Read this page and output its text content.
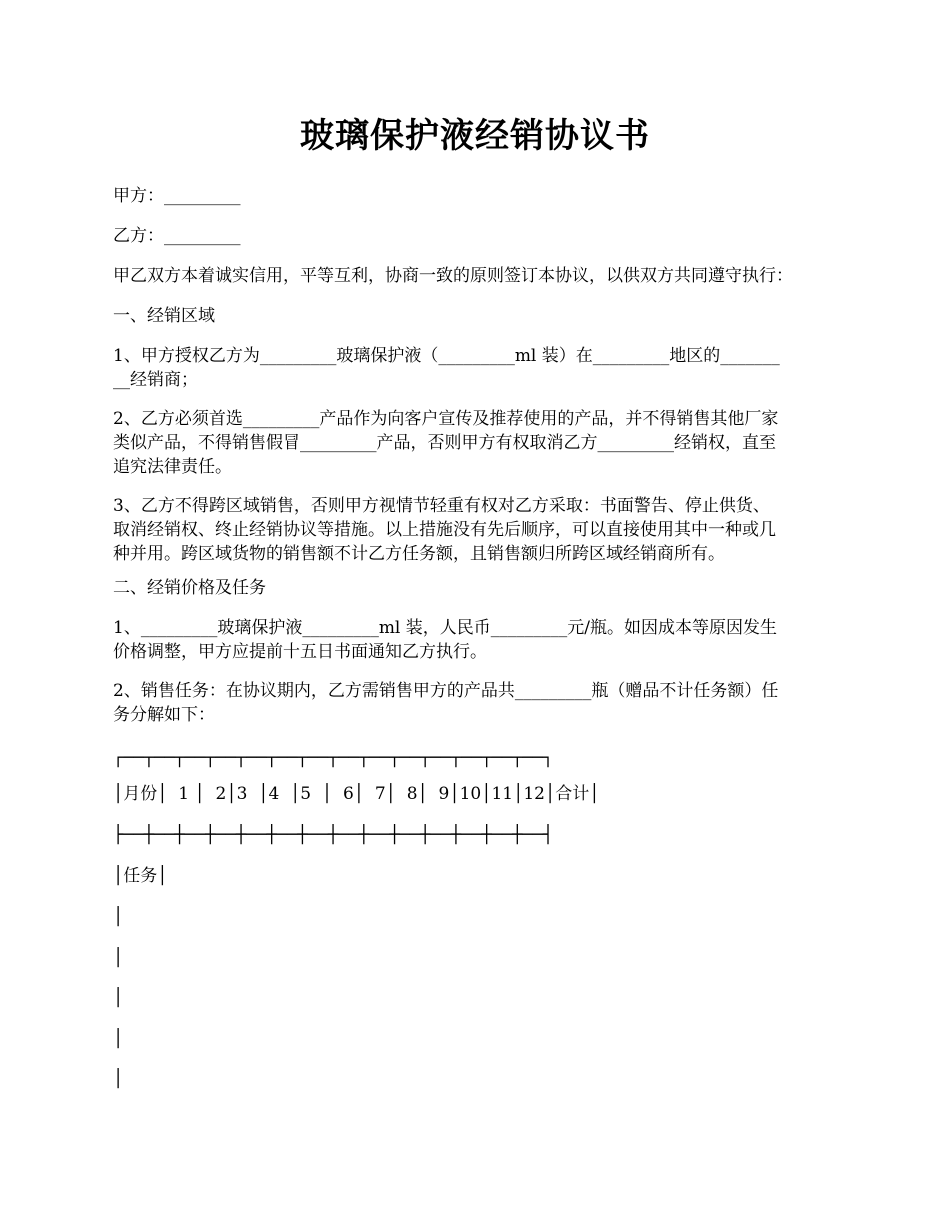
玻璃保护液经销协议书
甲方：_________
乙方：_________
甲乙双方本着诚实信用，平等互利，协商一致的原则签订本协议，以供双方共同遵守执行：
一、经销区域
1、甲方授权乙方为_________玻璃保护液（_________ml 装）在_________地区的_______
__经销商；
2、乙方必须首选_________产品作为向客户宣传及推荐使用的产品，并不得销售其他厂家
类似产品，不得销售假冒_________产品，否则甲方有权取消乙方_________经销权，直至
追究法律责任。
3、乙方不得跨区域销售，否则甲方视情节轻重有权对乙方采取：书面警告、停止供货、
取消经销权、终止经销协议等措施。以上措施没有先后顺序，可以直接使用其中一种或几
种并用。跨区域货物的销售额不计乙方任务额，且销售额归所跨区域经销商所有。
二、经销价格及任务
1、_________玻璃保护液_________ml 装，人民币_________元/瓶。如因成本等原因发生
价格调整，甲方应提前十五日书面通知乙方执行。
2、销售任务：在协议期内，乙方需销售甲方的产品共_________瓶（赠品不计任务额）任
务分解如下：
┌──┬──┬──┬──┬──┬──┬──┬──┬──┬──┬──┬──┬──┬──┐
│月份│  1 │  2│3  │4  │5  │  6│  7│  8│  9│10│11│12│合计│
├──┼──┼──┼──┼──┼──┼──┼──┼──┼──┼──┼──┼──┼──┤
│任务│
│
│
│
│
│
